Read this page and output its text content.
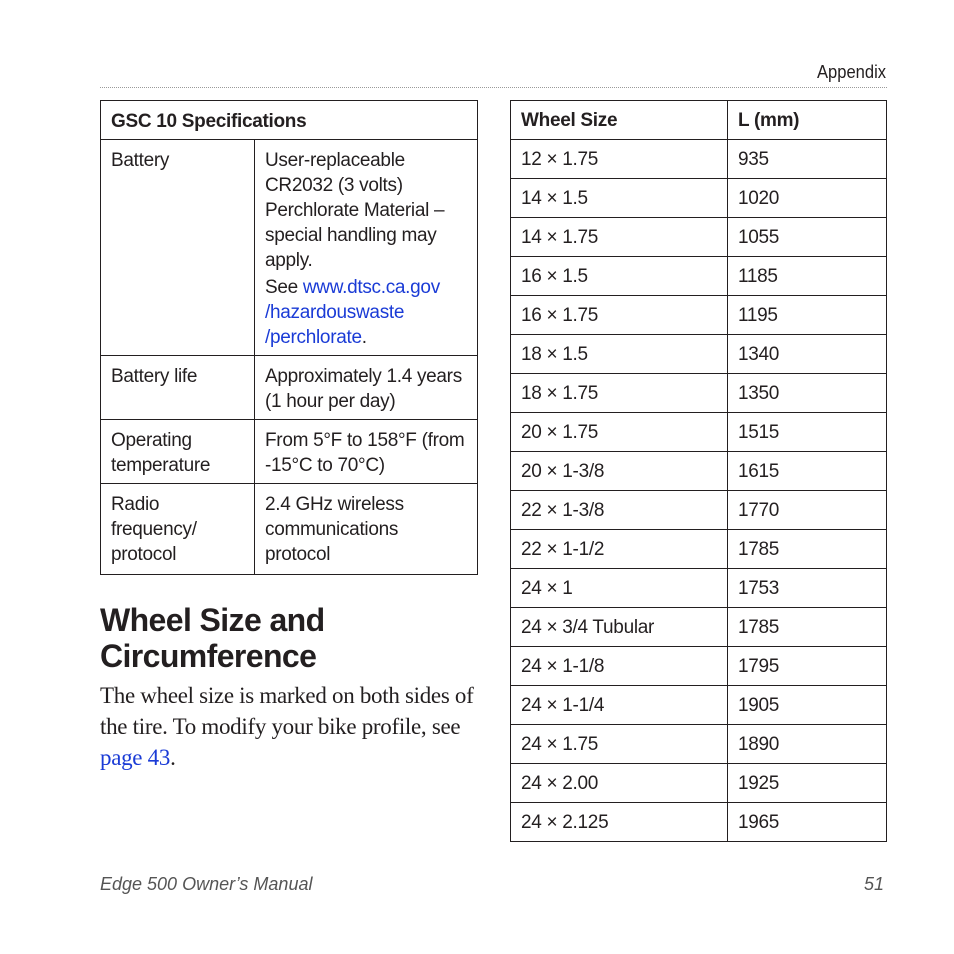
Appendix
GSC 10 Specifications	
Battery	User-replaceable CR2032 (3 volts) Perchlorate Material – special handling may apply.

See www.dtsc.ca.gov /hazardouswaste /perchlorate.

Battery life	Approximately 1.4 years (1 hour per day)
Operating temperature	From 5°F to 158°F (from -15°C to 70°C)
Radio frequency/ protocol	2.4 GHz wireless communications protocol
Wheel Size	L (mm)
12 × 1.75	935
14 × 1.5	1020
14 × 1.75	1055
16 × 1.5	1185
16 × 1.75	1195
18 × 1.5	1340
18 × 1.75	1350
20 × 1.75	1515
20 × 1-3/8	1615
22 × 1-3/8	1770
22 × 1-1/2	1785
24 × 1	1753
24 × 3/4 Tubular	1785
24 × 1-1/8	1795
24 × 1-1/4	1905
24 × 1.75	1890
24 × 2.00	1925
24 × 2.125	1965
Wheel Size and Circumference

The wheel size is marked on both sides of the tire. To modify your bike profile, see page 43.

Edge 500 Owner’s Manual	51
